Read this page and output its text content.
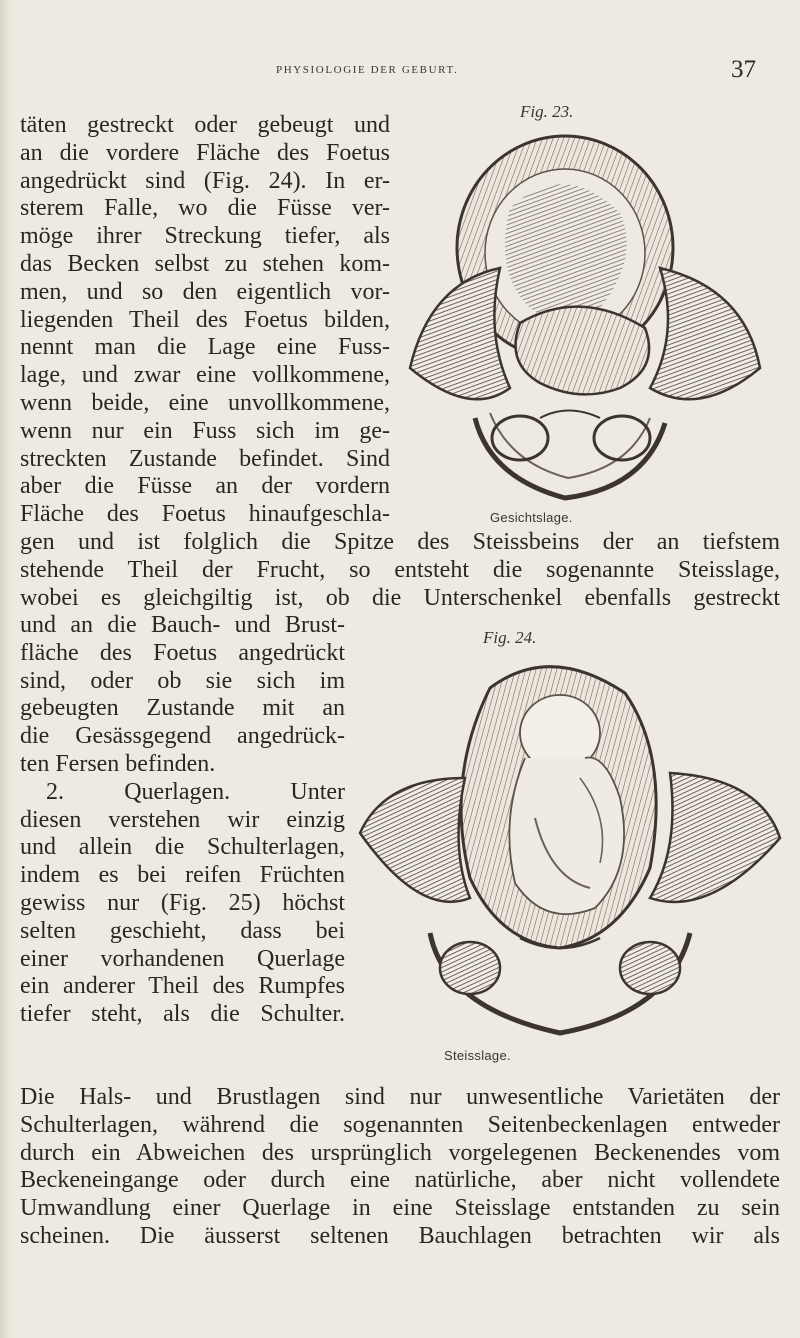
PHYSIOLOGIE DER GEBURT.	37

täten gestreckt oder gebeugt und

an die vordere Fläche des Foetus

angedrückt sind (Fig. 24). In er-

sterem Falle, wo die Füsse ver-

möge ihrer Streckung tiefer, als

das Becken selbst zu stehen kom-

men, und so den eigentlich vor-

liegenden Theil des Foetus bilden,

nennt man die Lage eine Fuss-

lage, und zwar eine vollkommene,

wenn beide, eine unvollkommene,

wenn nur ein Fuss sich im ge-

streckten Zustande befindet. Sind

aber die Füsse an der vordern

Fläche des Foetus hinaufgeschla-

gen und ist folglich die Spitze des Steissbeins der an tiefstem

stehende Theil der Frucht, so entsteht die sogenannte Steisslage,

wobei es gleichgiltig ist, ob die Unterschenkel ebenfalls gestreckt

und an die Bauch- und Brust-

fläche des Foetus angedrückt

sind, oder ob sie sich im

gebeugten Zustande mit an

die Gesässgegend angedrück-

ten Fersen befinden.

2. Querlagen. Unter

diesen verstehen wir einzig

und allein die Schulterlagen,

indem es bei reifen Früchten

gewiss nur (Fig. 25) höchst

selten geschieht, dass bei

einer vorhandenen Querlage

ein anderer Theil des Rumpfes

tiefer steht, als die Schulter.

Die Hals- und Brustlagen sind nur unwesentliche Varietäten der

Schulterlagen, während die sogenannten Seitenbeckenlagen entweder

durch ein Abweichen des ursprünglich vorgelegenen Beckenendes vom

Beckeneingange oder durch eine natürliche, aber nicht vollendete

Umwandlung einer Querlage in eine Steisslage entstanden zu sein

scheinen. Die äusserst seltenen Bauchlagen betrachten wir als

Fig. 23.
Gesichtslage.
Fig. 24.
Steisslage.
